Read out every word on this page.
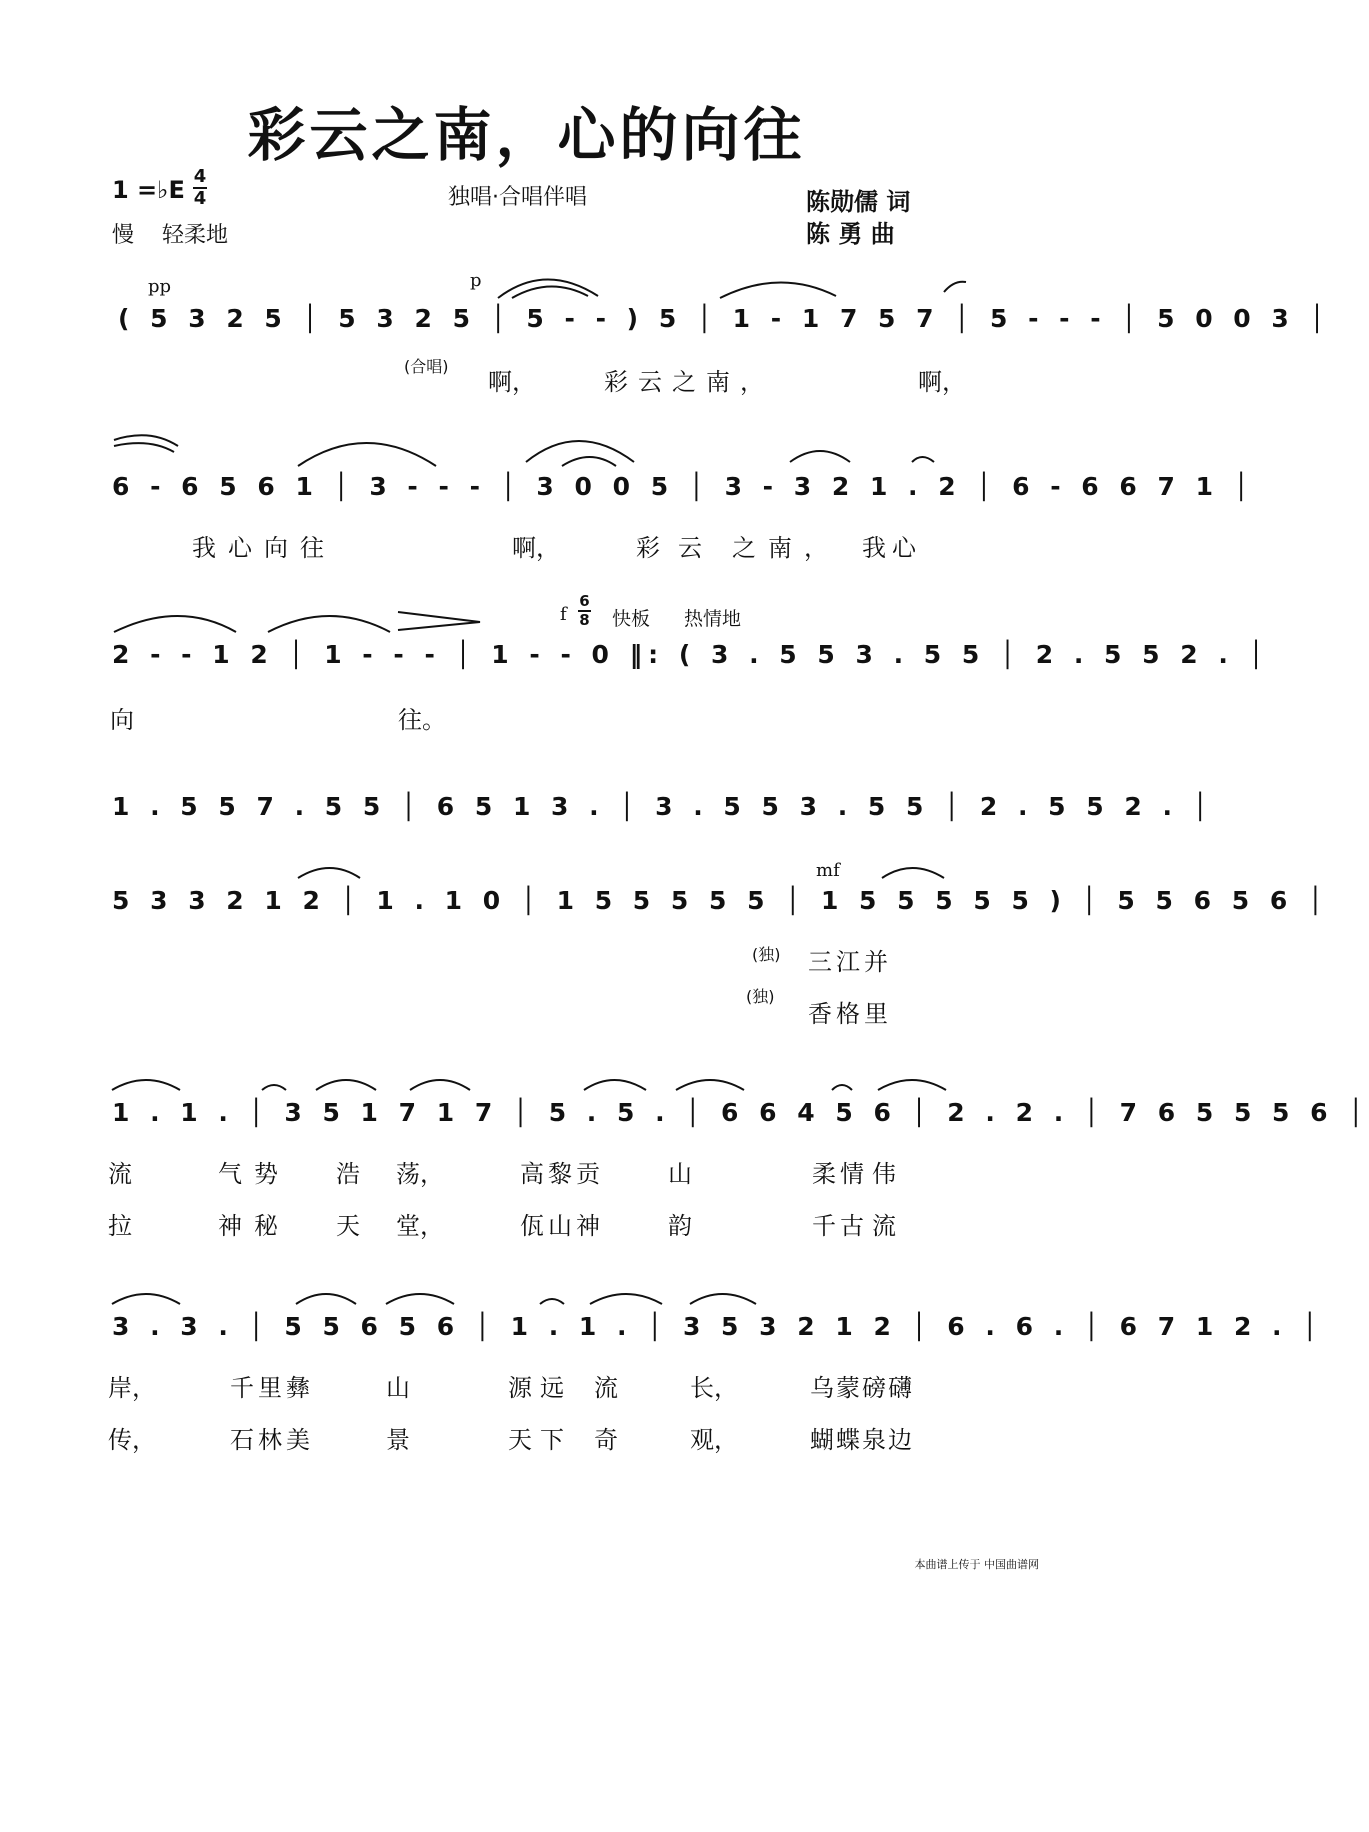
彩云之南，心的向往
1 =♭E 4
4
慢 轻柔地
独唱·合唱伴唱	陈勋儒 词
陈 勇 曲
pp	p
f
6
8 快板 热情地
mf
(合唱)
(独)
(独)
( 5 3 2 5 │ 5 3 2 5 │ 5 - - ) 5 │ 1 - 1 7 5 7 │ 5 - - - │ 5 0 0 3 │
6 - 6 5 6 1 │ 3 - - - │ 3 0 0 5 │ 3 - 3 2 1 . 2 │ 6 - 6 6 7 1 │
2 - - 1 2 │ 1 - - - │ 1 - - 0 ‖: ( 3 . 5 5 3 . 5 5 │ 2 . 5 5 2 . │
1 . 5 5 7 . 5 5 │ 6 5 1 3 . │ 3 . 5 5 3 . 5 5 │ 2 . 5 5 2 . │
5 3 3 2 1 2 │ 1 . 1 0 │ 1 5 5 5 5 5 │ 1 5 5 5 5 5 ) │ 5 5 6 5 6 │
1 . 1 . │ 3 5 1 7 1 7 │ 5 . 5 . │ 6 6 4 5 6 │ 2 . 2 . │ 7 6 5 5 5 6 │
3 . 3 . │ 5 5 6 5 6 │ 1 . 1 . │ 3 5 3 2 1 2 │ 6 . 6 . │ 6 7 1 2 . │
啊，	彩云之南，	啊，
我心向往	啊，	彩云 之南， 我心
向	往。
三江并
香格里
流	气势 浩 荡，	高黎贡	山	柔情 伟
拉	神秘 天 堂，	佤山神	韵	千古 流
岸，	千里彝	山	源远 流	长，	乌蒙磅礴
传，	石林美	景	天下 奇	观，	蝴蝶泉边
本曲谱上传于 中国曲谱网
